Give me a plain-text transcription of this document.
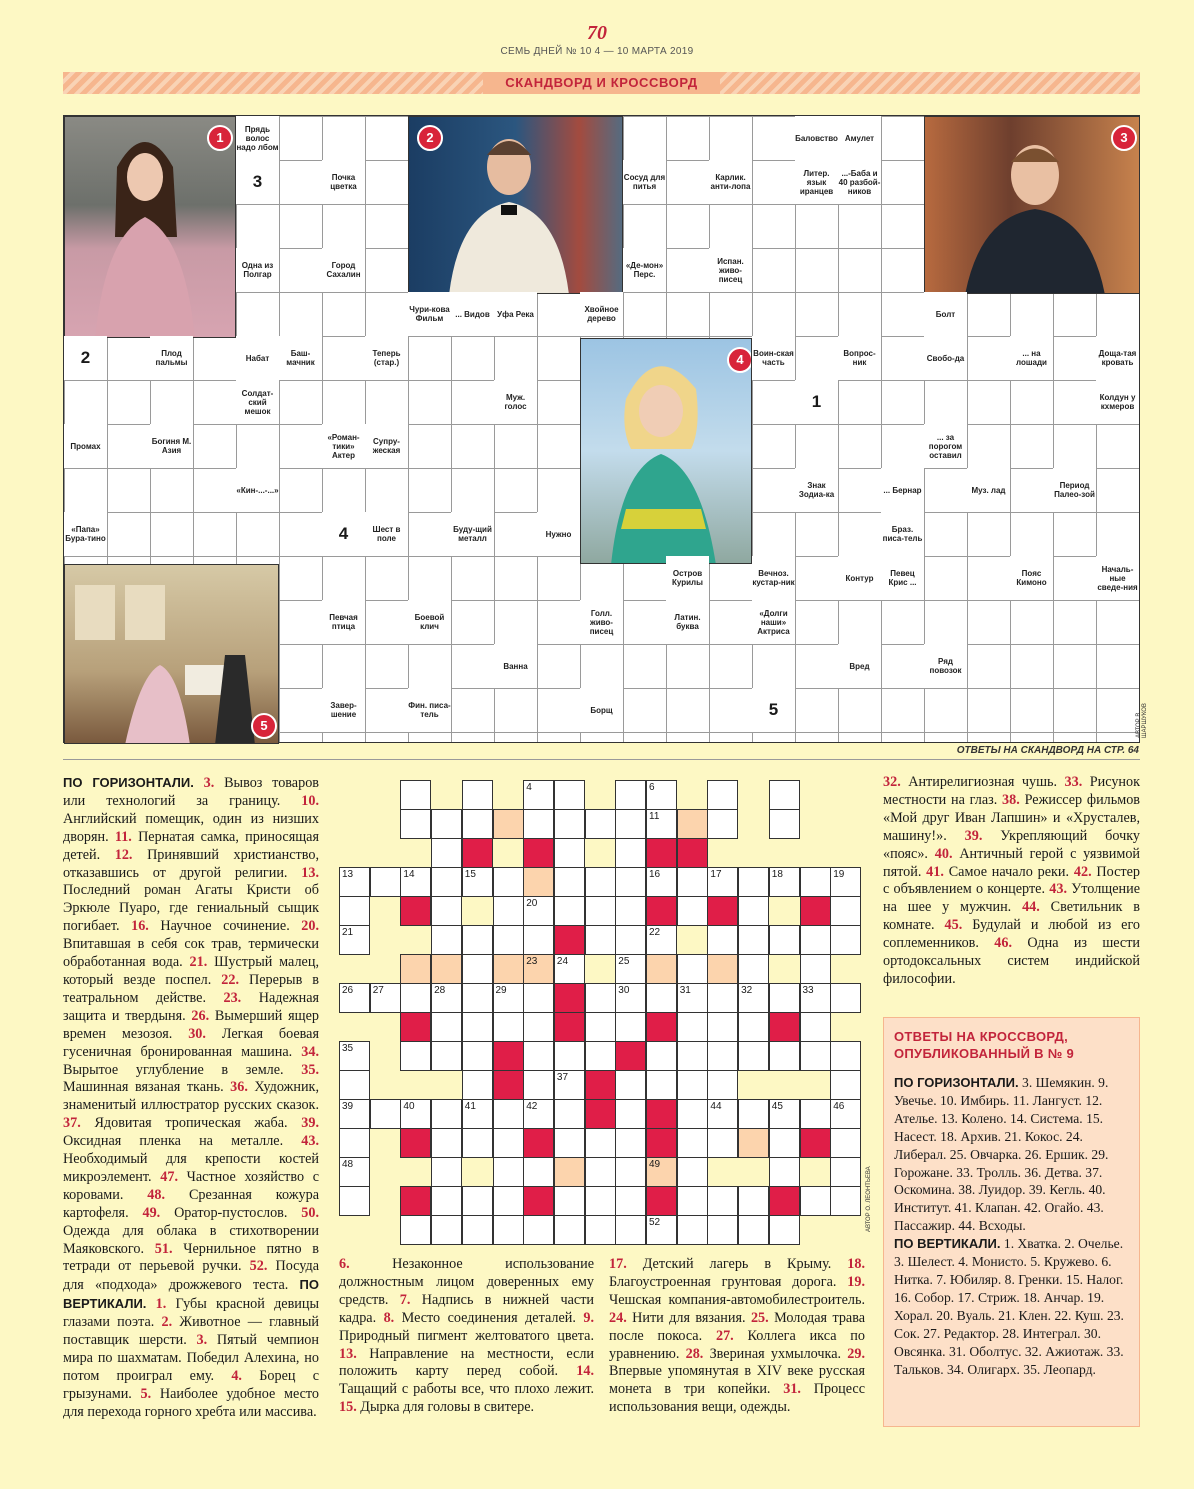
70
СЕМЬ ДНЕЙ № 10 4 — 10 МАРТА 2019
СКАНДВОРД И КРОССВОРД
1	2	3
4
5
Прядь волос надо лбом
Почка цветка
Одна из Полгар
Город Сахалин
Сосуд для питья
Карлик. анти-лопа
Баловство Амулет
Литер. язык иранцев
...-Баба и 40 разбой-ников
«Де-мон» Перс.
Испан. живо-писец
Чури-кова Фильм	... Видов Уфа Река	Хвойное дерево	Болт
Плод пальмы	Набат	Баш-мачник
Теперь (стар.)
Воин-ская часть
Вопрос-ник	Свобо-да	... на лошади
Доща-тая кровать
Солдат-ский мешок
Муж. голос
Колдун у кхмеров
Промах	Богиня М. Азия
«Роман-тики» Актер
Супру-жеская
... за порогом оставил
«Кин-...-...»	Знак Зодиа-ка	... Бернар	Муз. лад	Период Палео-зой
«Папа» Бура-тино
Шест в поле
Буду-щий металл	Нужно	Браз. писа-тель
Остров Курилы
Вечноз. кустар-ник	Контур	Певец Крис ...
Пояс Кимоно
Началь-ные сведе-ния
Певчая птица
Боевой клич
Голл. живо-писец
Латин. буква
«Долги наши» Актриса
Ванна	Вред	Ряд повозок
Завер-шение
Фин. писа-тель	Борщ
3
2
1
4
5
АВТОР В. ШАРШУКОВ
ОТВЕТЫ НА СКАНДВОРД НА СТР. 64
ПО ГОРИЗОНТАЛИ. 3. Вывоз товаров или технологий за границу. 10. Английский помещик, один из низших дворян. 11. Пернатая самка, приносящая детей. 12. Принявший христианство, отказавшись от другой религии. 13. Последний роман Агаты Кристи об Эркюле Пуаро, где гениальный сыщик погибает. 16. Научное сочинение. 20. Впитавшая в себя сок трав, термически обработанная вода. 21. Шустрый малец, который везде поспел. 22. Перерыв в театральном действе. 23. Надежная защита и твердыня. 26. Вымерший ящер времен мезозоя. 30. Легкая боевая гусеничная бронированная машина. 34. Вырытое углубление в земле. 35. Машинная вязаная ткань. 36. Художник, знаменитый иллюстратор русских сказок. 37. Ядовитая тропическая жаба. 39. Оксидная пленка на металле. 43. Необходимый для крепости костей микроэлемент. 47. Частное хозяйство с коровами. 48. Срезанная кожура картофеля. 49. Оратор-пустослов. 50. Одежда для облака в стихотворении Маяковского. 51. Чернильное пятно в тетради от перьевой ручки. 52. Посуда для «подхода» дрожжевого теста. ПО ВЕРТИКАЛИ. 1. Губы красной девицы глазами поэта. 2. Животное — главный поставщик шерсти. 3. Пятый чемпион мира по шахматам. Победил Алехина, но потом проиграл ему. 4. Борец с грызунами. 5. Наиболее удобное место для перехода горного хребта или массива.
4	6
11
13	14	15	16	17	18	19
20
21	22
23 24	25
26 27	28	29	30	31	32	33
35
37
39	40	41	42	44	45	46
48	49
52	АВТОР О. ЛЕОНТЬЕВА
6. Незаконное использование должностным лицом доверенных ему средств. 7. Надпись в нижней части кадра. 8. Место соединения деталей. 9. Природный пигмент желтоватого цвета. 13. Направление на местности, если положить карту перед собой. 14. Тащащий с работы все, что плохо лежит. 15. Дырка для головы в свитере.
17. Детский лагерь в Крыму. 18. Благоустроенная грунтовая дорога. 19. Чешская компания-автомобилестроитель. 24. Нити для вязания. 25. Молодая трава после покоса. 27. Коллега икса по уравнению. 28. Звериная ухмылочка. 29. Впервые упомянутая в XIV веке русская монета в три копейки. 31. Процесс использования вещи, одежды.
32. Антирелигиозная чушь. 33. Рисунок местности на глаз. 38. Режиссер фильмов «Мой друг Иван Лапшин» и «Хрусталев, машину!». 39. Укрепляющий бочку «пояс». 40. Античный герой с уязвимой пятой. 41. Самое начало реки. 42. Постер с объявлением о концерте. 43. Утолщение на шее у мужчин. 44. Светильник в комнате. 45. Будулай и любой из его соплеменников. 46. Одна из шести ортодоксальных систем индийской философии.
ОТВЕТЫ НА КРОССВОРД, ОПУБЛИКОВАННЫЙ В № 9
ПО ГОРИЗОНТАЛИ. 3. Шемякин. 9. Увечье. 10. Имбирь. 11. Лангуст. 12. Ателье. 13. Колено. 14. Система. 15. Насест. 18. Архив. 21. Кокос. 24. Либерал. 25. Овчарка. 26. Ершик. 29. Горожане. 33. Тролль. 36. Детва. 37. Оскомина. 38. Луидор. 39. Кегль. 40. Институт. 41. Клапан. 42. Огайо. 43. Пассажир. 44. Всходы.
ПО ВЕРТИКАЛИ. 1. Хватка. 2. Очелье. 3. Шелест. 4. Монисто. 5. Кружево. 6. Нитка. 7. Юбиляр. 8. Гренки. 15. Налог. 16. Собор. 17. Стриж. 18. Анчар. 19. Хорал. 20. Вуаль. 21. Клен. 22. Куш. 23. Сок. 27. Редактор. 28. Интеграл. 30. Овсянка. 31. Оболтус. 32. Ажиотаж. 33. Тальков. 34. Олигарх. 35. Леопард.
